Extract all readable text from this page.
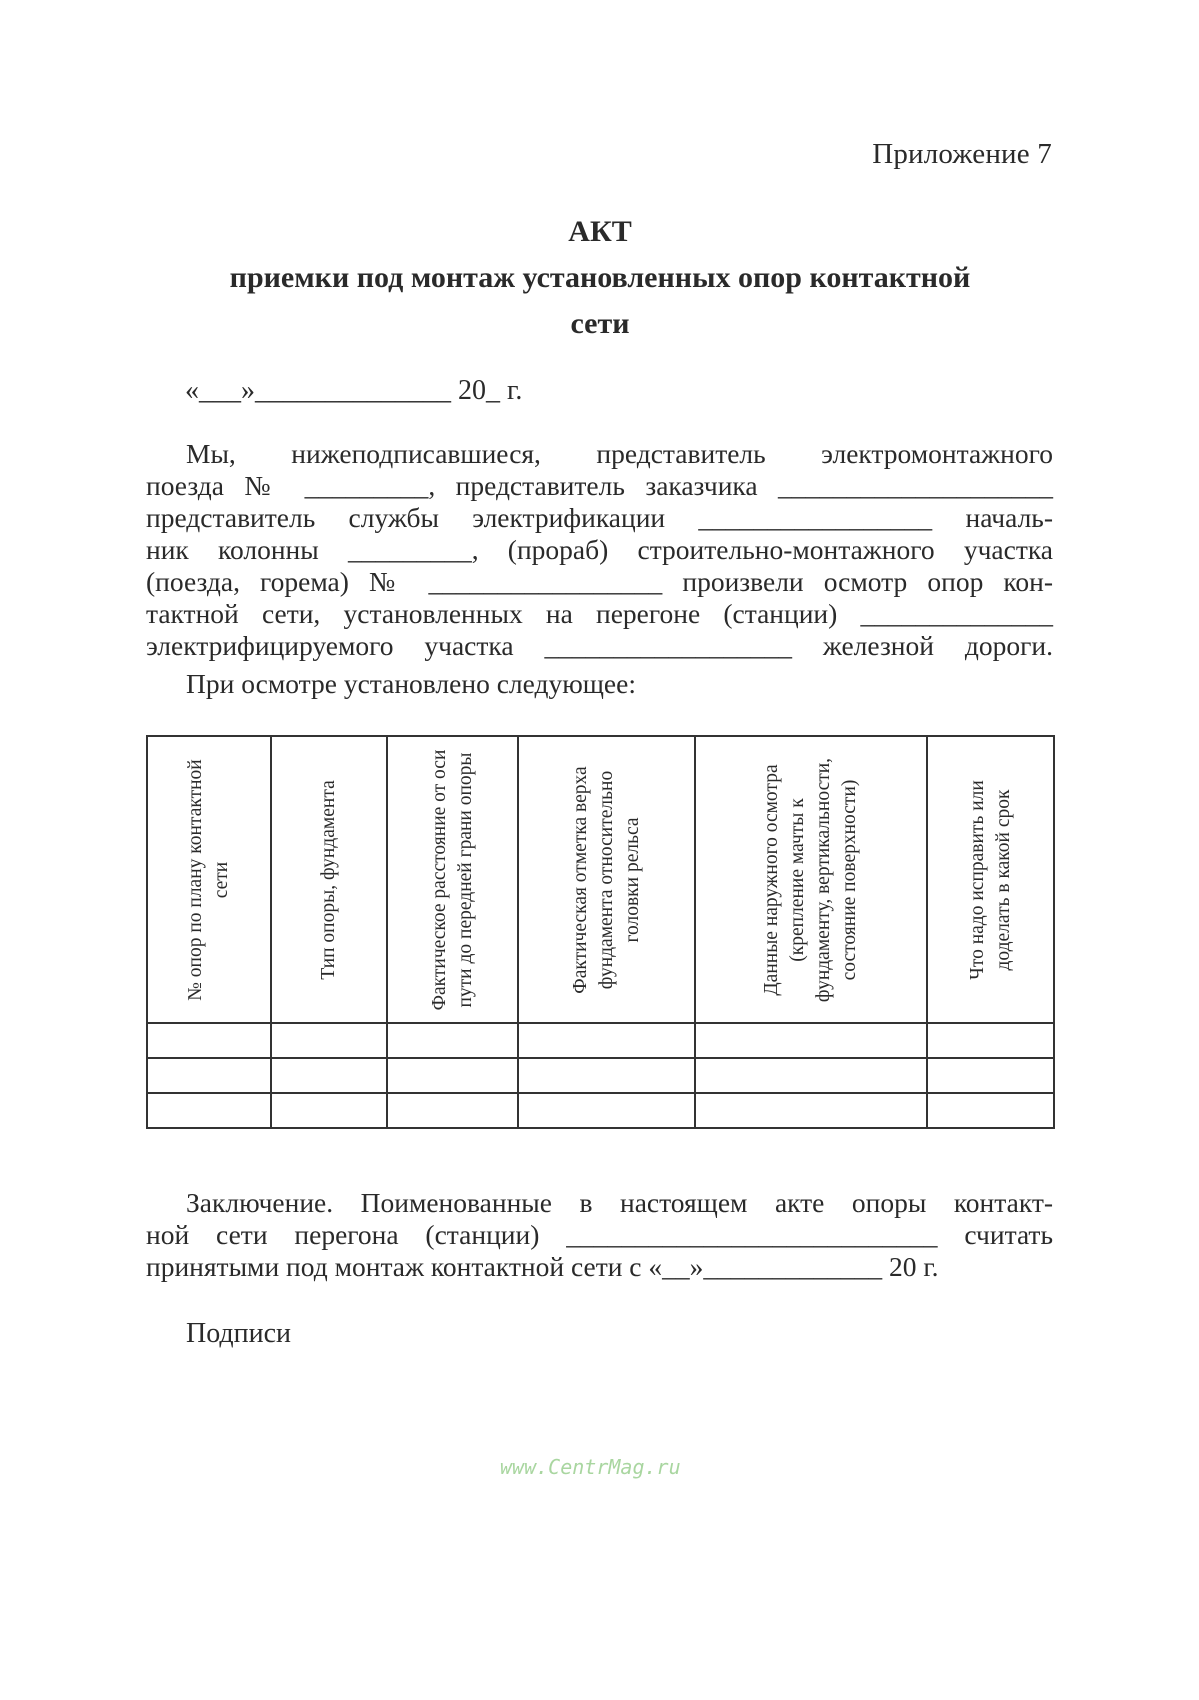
Приложение 7
АКТ
приемки под монтаж установленных опор контактной
сети
«___»______________ 20_ г.
Мы, нижеподписавшиеся, представитель электромонтажного
поезда № _________, представитель заказчика ____________________
представитель службы электрификации _________________ началь-
ник колонны _________, (прораб) строительно-монтажного участка
(поезда, горема) № _________________ произвели осмотр опор кон-
тактной сети, установленных на перегоне (станции) ______________
электрифицируемого участка __________________ железной дороги.
При осмотре установлено следующее:
№ опор по плану контактной сети	Тип опоры, фундамента	Фактическое расстояние от оси пути до передней грани опоры	Фактическая отметка верха фундамента относительно головки рельса	Данные наружного осмотра (крепление мачты к фундаменту, вертикальности, состояние поверхности)	Что надо исправить или доделать в какой срок

Заключение. Поименованные в настоящем акте опоры контакт-
ной сети перегона (станции) ___________________________ считать
принятыми под монтаж контактной сети с «__»_____________ 20 г.
Подписи
www.CentrMag.ru
